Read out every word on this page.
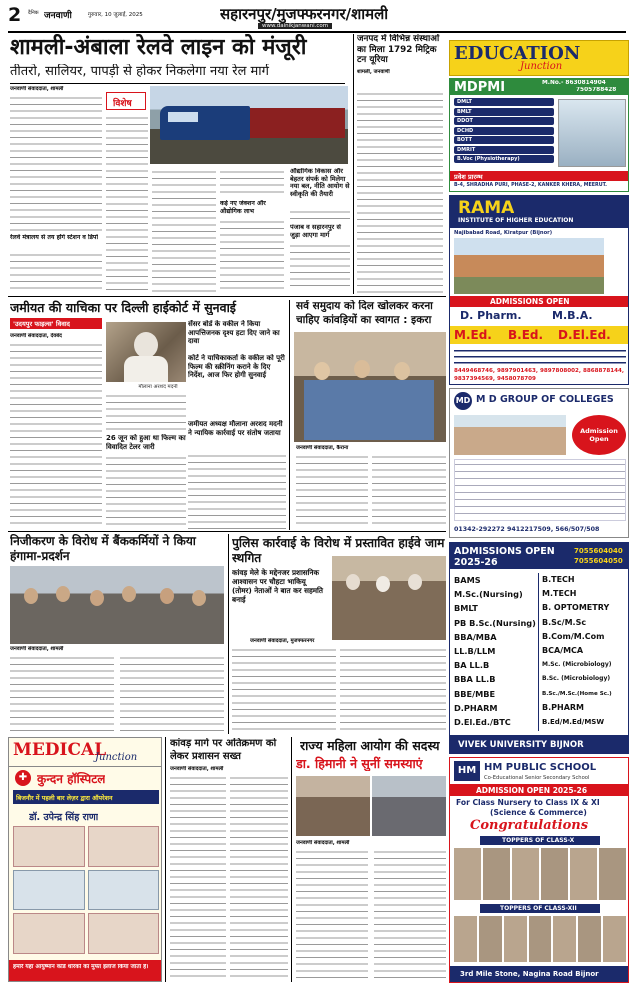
2 दैनिक जनवाणी	गुरुवार, 10 जुलाई, 2025	सहारनपुर/मुजफ्फरनगर/शामली
www.dainikjanwani.com
शामली-अंबाला रेलवे लाइन को मंजूरी
तीतरो, सालियर, पापड़ी से होकर निकलेगा नया रेल मार्ग
जनवाणी संवाददाता, शामली
रेलवे मंत्रालय से तय होंगे स्टेशन व डिपो
विशेष
कई नए जंक्शन और औद्योगिक लाभ
औद्योगिक विकास और बेहतर संपर्क को मिलेगा नया बल, नीति आयोग से स्वीकृति की तैयारी
पंजाब व सहारनपुर से जुड़ा आएगा मार्ग
जनपद में विभिन्न संस्थाओं का मिला 1792 मिट्रिक टन यूरिया
शामली, जनवाणी
जमीयत की याचिका पर दिल्ली हाईकोर्ट में सुनवाई
'उदयपुर फाइल्स' विवाद
जनवाणी संवाददाता, देवबंद
मौलाना अरशद मदनी
सेंसर बोर्ड के वकील ने किया आपत्तिजनक दृश्य हटा दिए जाने का दावा
कोर्ट ने याचिकाकर्ता के वकील को पूरी फिल्म की स्क्रीनिंग कराने के दिए निर्देश, आज फिर होगी सुनवाई
26 जून को हुआ था फिल्म का विवादित टेलर जारी
जमीयत अध्यक्ष मौलाना अरशद मदनी ने न्यायिक कार्रवाई पर संतोष जताया
सर्व समुदाय को दिल खोलकर करना चाहिए कांवड़ियों का स्वागत : इकरा
जनवाणी संवाददाता, कैराना
निजीकरण के विरोध में बैंककर्मियों ने किया हंगामा-प्रदर्शन
जनवाणी संवाददाता, शामली
पुलिस कार्रवाई के विरोध में प्रस्तावित हाईवे जाम स्थगित
कांवड़ मेले के मद्देनजर प्रशासनिक आश्वासन पर चौहटा भाकियू (तोमर) नेताओं ने बात कर सहमति बनाई
जनवाणी संवाददाता, मुजफ्फरनगर
MEDICAL
Junction
✚ कुन्दन हॉस्पिटल
बिजनौर में पहली बार लेज़र द्वारा ऑपरेशन
डॉ. उपेन्द्र सिंह राणा
हमारे यहां आयुष्मान कार्ड धारकों का मुफ्त इलाज किया जाता है।
कांवड़ मार्ग पर अतिक्रमण को लेकर प्रशासन सख्त
जनवाणी संवाददाता, शामली
राज्य महिला आयोग की सदस्य
डा. हिमानी ने सुनीं समस्याएं
जनवाणी संवाददाता, शामली
EDUCATION
Junction
MDPMI	M.No.- 8630814904
7505788428
DMLT
BMLT
DDOT
DCHD
BOTT
DMRIT
B.Voc (Physiotherapy)
प्रवेश प्रारम्भ
B-4, SHRADHA PURI, PHASE-2, KANKER KHERA, MEERUT.
RAMA
INSTITUTE OF HIGHER EDUCATION
Najibabad Road, Kiratpur (Bijnor)
ADMISSIONS OPEN
D. Pharm.	M.B.A.
M.Ed. B.Ed. D.El.Ed.
8449468746, 9897901463, 9897808002, 8868878144, 9837394569, 9458078709
MD M D GROUP OF COLLEGES
Admission Open
01342-292272 9412217509, 566/507/508
ADMISSIONS OPEN 2025-26
7055604040
7055604050
BAMS
M.Sc.(Nursing)
BMLT
PB B.Sc.(Nursing)
BBA/MBA
LL.B/LLM
BA LL.B
BBA LL.B
BBE/MBE
D.PHARM
D.El.Ed./BTC
B.TECH
M.TECH
B. OPTOMETRY
B.Sc/M.Sc
B.Com/M.Com
BCA/MCA
M.Sc. (Microbiology)
B.Sc. (Microbiology)
B.Sc./M.Sc.(Home Sc.)
B.PHARM
B.Ed/M.Ed/MSW
VIVEK UNIVERSITY BIJNOR
HM HM PUBLIC SCHOOL
Co-Educational Senior Secondary School
ADMISSION OPEN 2025-26
For Class Nursery to Class IX & XI
(Science & Commerce)
Congratulations
TOPPERS OF CLASS-X
TOPPERS OF CLASS-XII
3rd Mile Stone, Nagina Road Bijnor
